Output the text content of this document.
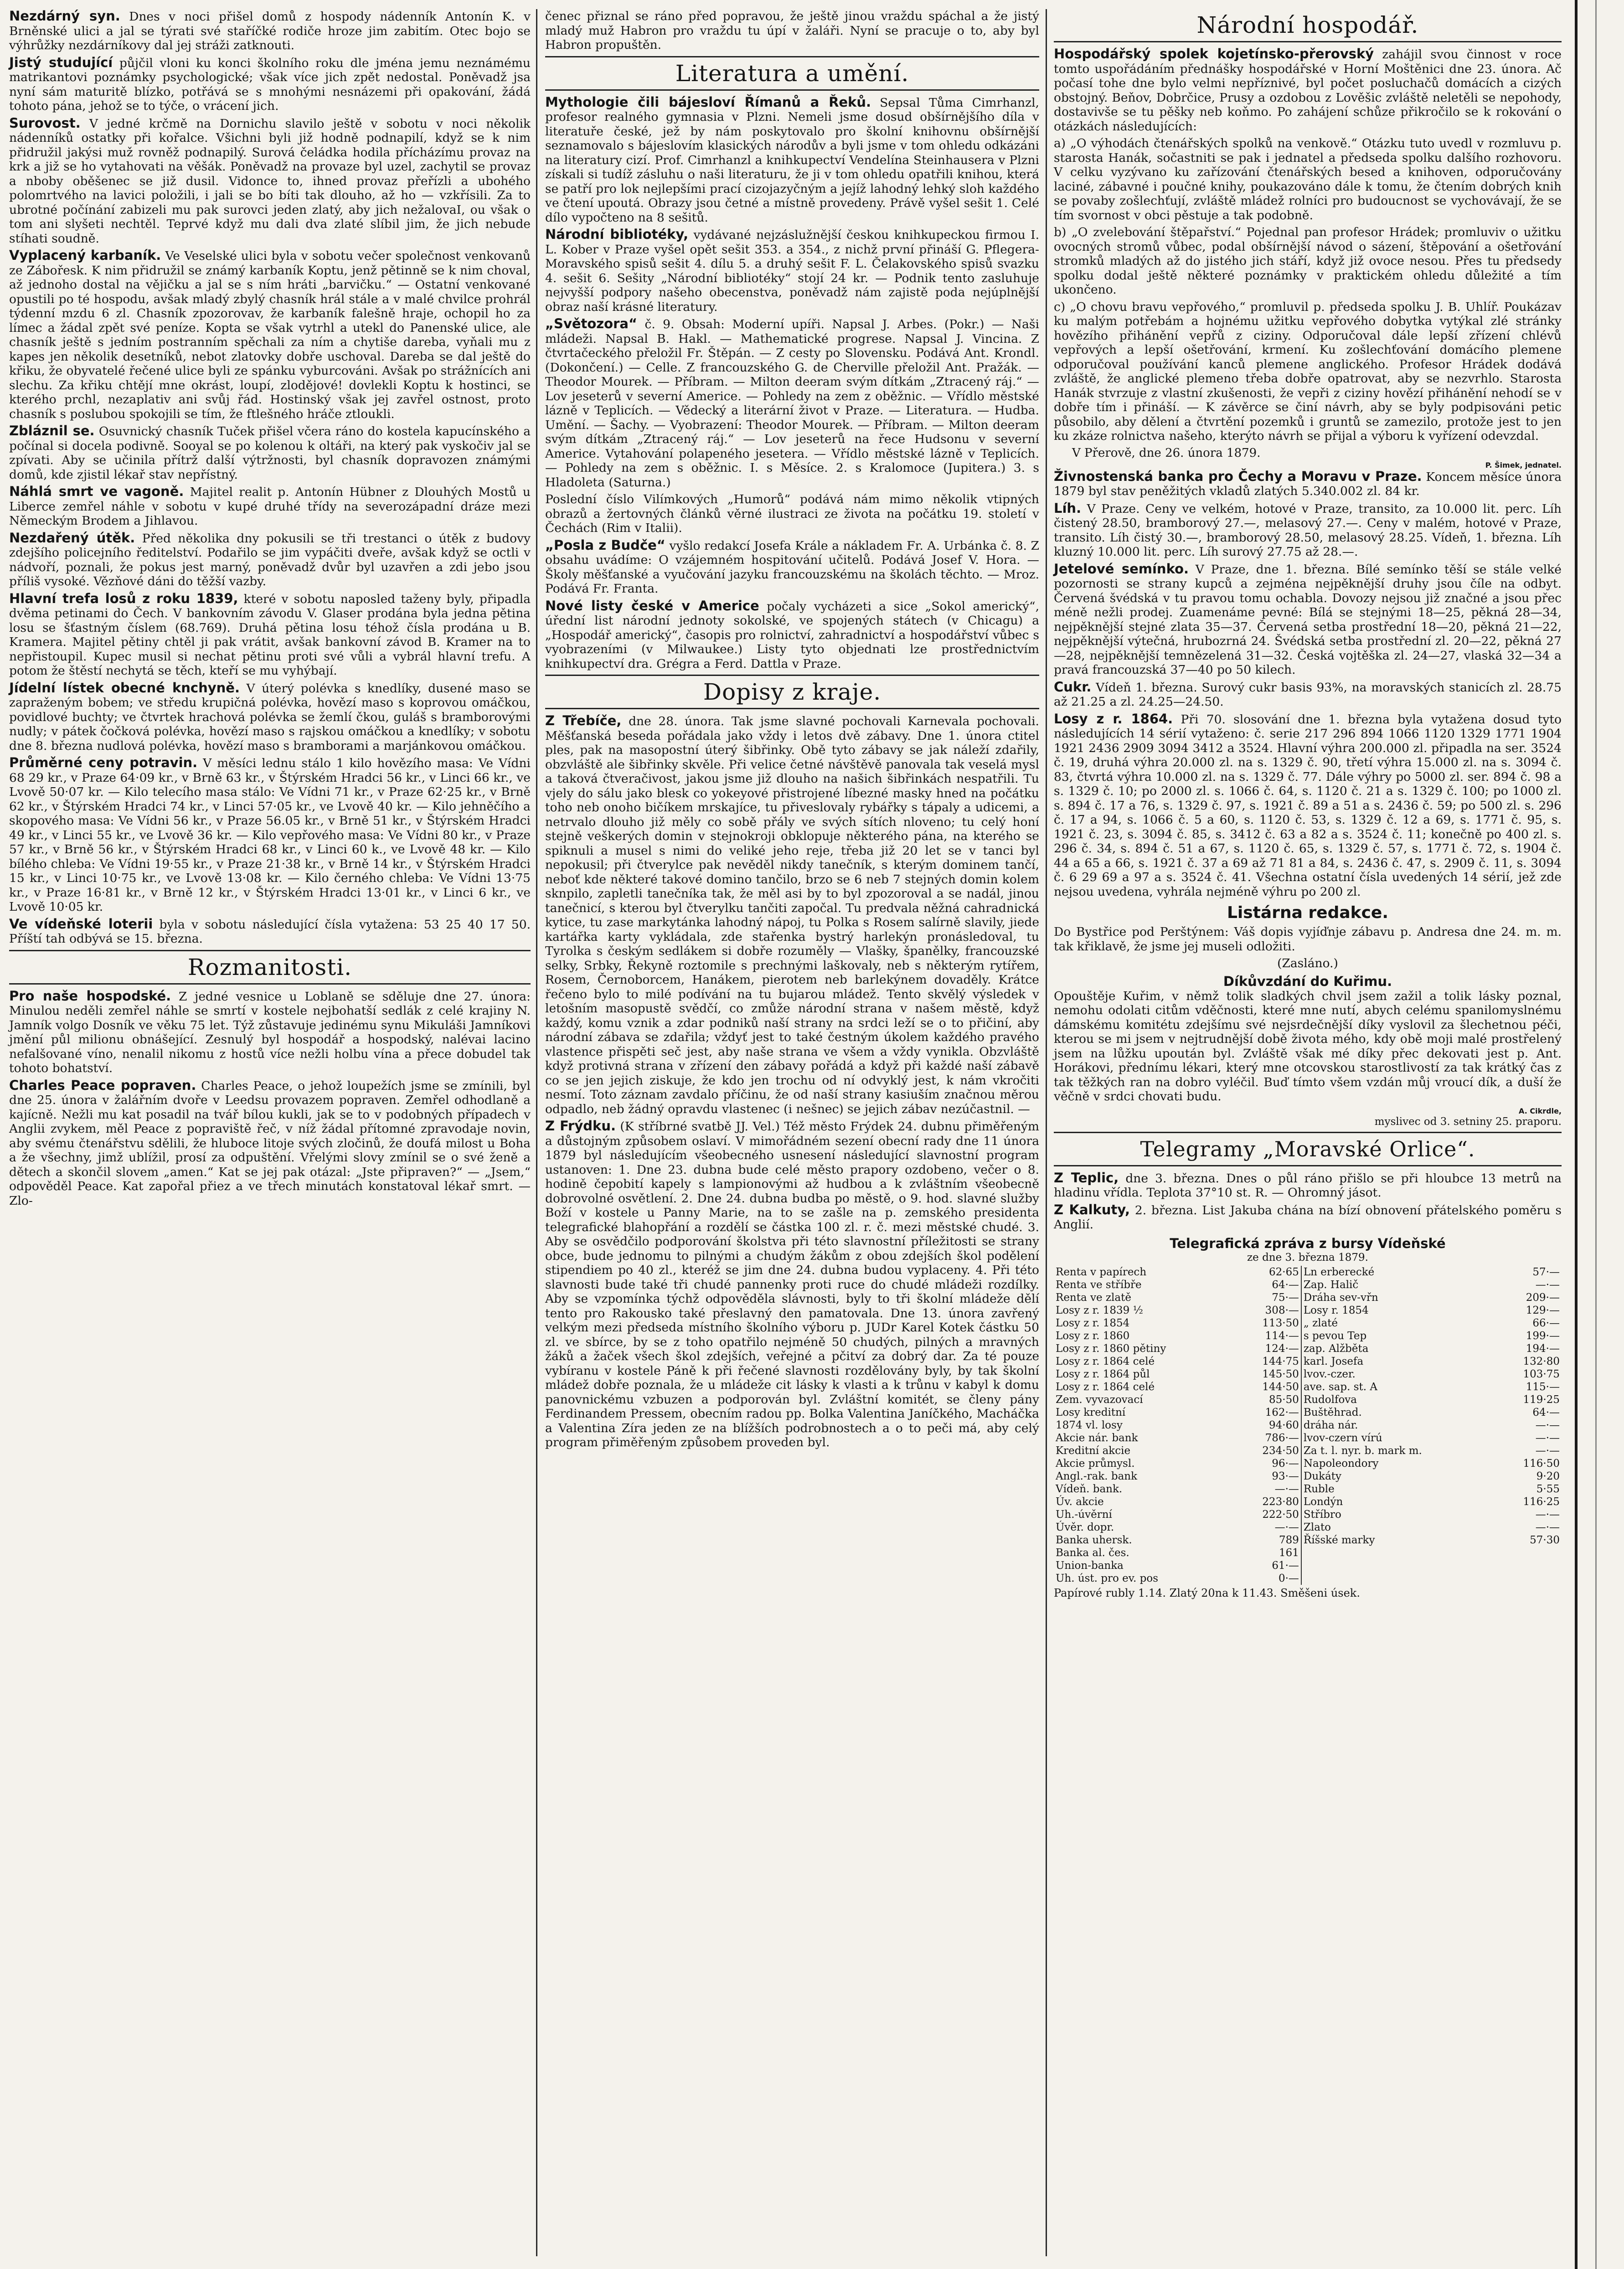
Nezdárný syn. Dnes v noci přišel domů z hospody nádenník Antonín K. v Brněnské ulici a jal se týrati své staříčké rodiče hroze jim zabitím. Otec bojo se výhrůžky nezdárníkovy dal jej stráži zatknouti.

Jistý studující půjčil vloni ku konci školního roku dle jména jemu neznámému matrikantovi poznámky psychologické; však více jich zpět nedostal. Poněvadž jsa nyní sám maturitě blízko, potřává se s mnohými nesnázemi při opakování, žádá tohoto pána, jehož se to týče, o vrácení jich.

Surovost. V jedné krčmě na Dornichu slavilo ještě v sobotu v noci několik nádenníků ostatky při kořalce. Všichni byli již hodně podnapilí, když se k nim přidružil jakýsi muž rovněž podnapilý. Surová čeládka hodila přícházímu provaz na krk a již se ho vytahovati na věšák. Poněvadž na provaze byl uzel, zachytil se provaz a nboby oběšenec se již dusil. Vidonce to, ihned provaz přeřízli a ubohého polomrtvého na lavici položili, i jali se bo bíti tak dlouho, až ho — vzkřísili. Za to ubrotné počínání zabizeli mu pak surovci jeden zlatý, aby jich nežalovaI, ou však o tom ani slyšeti nechtěl. Teprvé když mu dali dva zlaté slíbil jim, že jich nebude stíhati soudně.

Vyplacený karbaník. Ve Veselské ulici byla v sobotu večer společnost venkovanů ze Zábořesk. K nim přidružil se známý karbaník Koptu, jenž pětinně se k nim choval, až jednoho dostal na vějičku a jal se s ním hráti „barvičku.“ — Ostatní venkované opustili po té hospodu, avšak mladý zbylý chasník hrál stále a v malé chvilce prohrál týdenní mzdu 6 zl. Chasník zpozorovav, že karbaník falešně hraje, ochopil ho za límec a žádal zpět své peníze. Kopta se však vytrhl a utekl do Panenské ulice, ale chasník ještě s jedním postranním spěchali za ním a chytiše dareba, vyňali mu z kapes jen několik desetníků, nebot zlatovky dobře uschoval. Dareba se dal ještě do křiku, že obyvatelé řečené ulice byli ze spánku vyburcováni. Avšak po strážnících ani slechu. Za křiku chtějí mne okrást, loupí, zlodějové! dovlekli Koptu k hostinci, se kterého prchl, nezaplativ ani svůj řád. Hostinský však jej zavřel ostnost, proto chasník s poslubou spokojili se tím, že ftlešného hráče ztloukli.

Zbláznil se. Osuvnický chasník Tuček přišel včera ráno do kostela kapucínského a počínal si docela podivně. Sooyal se po kolenou k oltáři, na který pak vyskočiv jal se zpívati. Aby se učinila přítrž další výtržnosti, byl chasník dopravozen známými domů, kde zjistil lékař stav nepřístný.

Náhlá smrt ve vagoně. Majitel realit p. Antonín Hübner z Dlouhých Mostů u Liberce zemřel náhle v sobotu v kupé druhé třídy na severozápadní dráze mezi Německým Brodem a Jihlavou.

Nezdařený útěk. Před několika dny pokusili se tři trestanci o útěk z budovy zdejšího policejního ředitelství. Podařilo se jim vypáčiti dveře, avšak když se octli v nádvoří, poznali, že pokus jest marný, poněvadž dvůr byl uzavřen a zdi jebo jsou příliš vysoké. Vězňové dáni do těžší vazby.

Hlavní trefa losů z roku 1839, které v sobotu naposled taženy byly, připadla dvěma petinami do Čech. V bankovním závodu V. Glaser prodána byla jedna pětina losu se šťastným číslem (68.769). Druhá pětina losu téhož čísla prodána u B. Kramera. Majitel pětiny chtěl ji pak vrátit, avšak bankovní závod B. Kramer na to nepřistoupil. Kupec musil si nechat pětinu proti své vůli a vybrál hlavní trefu. A potom že štěstí nechytá se těch, kteří se mu vyhýbají.

Jídelní lístek obecné knchyně. V úterý polévka s knedlíky, dusené maso se zapraženým bobem; ve středu krupičná polévka, hovězí maso s koprovou omáčkou, povidlové buchty; ve čtvrtek hrachová polévka se žemlí čkou, guláš s bramborovými nudly; v pátek čočková polévka, hovězí maso s rajskou omáčkou a knedlíky; v sobotu dne 8. března nudlová polévka, hovězí maso s bramborami a marjánkovou omáčkou.

Průměrné ceny potravin. V měsíci lednu stálo 1 kilo hovězího masa: Ve Vídni 68 29 kr., v Praze 64·09 kr., v Brně 63 kr., v Štýrském Hradci 56 kr., v Linci 66 kr., ve Lvově 50·07 kr. — Kilo telecího masa stálo: Ve Vídni 71 kr., v Praze 62·25 kr., v Brně 62 kr., v Štýrském Hradci 74 kr., v Linci 57·05 kr., ve Lvově 40 kr. — Kilo jehněčího a skopového masa: Ve Vídni 56 kr., v Praze 56.05 kr., v Brně 51 kr., v Štýrském Hradci 49 kr., v Linci 55 kr., ve Lvově 36 kr. — Kilo vepřového masa: Ve Vídni 80 kr., v Praze 57 kr., v Brně 56 kr., v Štýrském Hradci 68 kr., v Linci 60 k., ve Lvově 48 kr. — Kilo bílého chleba: Ve Vídni 19·55 kr., v Praze 21·38 kr., v Brně 14 kr., v Štýrském Hradci 15 kr., v Linci 10·75 kr., ve Lvově 13·08 kr. — Kilo černého chleba: Ve Vídni 13·75 kr., v Praze 16·81 kr., v Brně 12 kr., v Štýrském Hradci 13·01 kr., v Linci 6 kr., ve Lvově 10·05 kr.

Ve vídeňské loterii byla v sobotu následující čísla vytažena: 53 25 40 17 50. Příští tah odbývá se 15. března.

Rozmanitosti.

Pro naše hospodské. Z jedné vesnice u Loblaně se sděluje dne 27. února: Minulou neděli zemřel náhle se smrtí v kostele nejbohatší sedlák z celé krajiny N. Jamník volgo Dosník ve věku 75 let. Týž zůstavuje jedinému synu Mikuláši Jamníkovi jmění půl milionu obnášející. Zesnulý byl hospodář a hospodský, nalévai lacino nefalšované víno, nenalil nikomu z hostů více nežli holbu vína a přece dobudel tak tohoto bohatství.

Charles Peace popraven. Charles Peace, o jehož loupežích jsme se zmínili, byl dne 25. února v žalářním dvoře v Leedsu provazem popraven. Zemřel odhodlaně a kajícně. Nežli mu kat posadil na tvář bílou kukli, jak se to v podobných případech v Anglii zvykem, měl Peace z popraviště řeč, v níž žádal přítomné zpravodaje novin, aby svému čtenářstvu sdělili, že hluboce litoje svých zločinů, že doufá milost u Boha a že všechny, jimž ublížil, prosí za odpuštění. Vřelými slovy zmínil se o své ženě a dětech a skončil slovem „amen.“ Kat se jej pak otázal: „Jste připraven?“ — „Jsem,“ odpověděl Peace. Kat zapořal přiez a ve třech minutách konstatoval lékař smrt. — Zlo-

čenec přiznal se ráno před popravou, že ještě jinou vraždu spáchal a že jistý mladý muž Habron pro vraždu tu úpí v žaláři. Nyní se pracuje o to, aby byl Habron propuštěn.

Literatura a umění.

Mythologie čili bájesloví Římanů a Řeků. Sepsal Tůma Cimrhanzl, profesor realného gymnasia v Plzni. Nemeli jsme dosud obšírnějšího díla v literatuře české, jež by nám poskytovalo pro školní knihovnu obšírnější seznamovalo s bájeslovím klasických národův a byli jsme v tom ohledu odkázáni na literatury cizí. Prof. Cimrhanzl a knihkupectví Vendelína Steinhausera v Plzni získali si tudíž zásluhu o naši literaturu, že ji v tom ohledu opatřili knihou, která se patří pro lok nejlepšími prací cizojazyčným a jejíž lahodný lehký sloh každého ve čtení upoutá. Obrazy jsou četné a místně provedeny. Právě vyšel sešit 1. Celé dílo vypočteno na 8 sešitů.

Národní bibliotéky, vydávané nejzáslužnější českou knihkupeckou firmou I. L. Kober v Praze vyšel opět sešit 353. a 354., z nichž první přináší G. Pflegera-Moravského spisů sešit 4. dílu 5. a druhý sešit F. L. Čelakovského spisů svazku 4. sešit 6. Sešity „Národní bibliotéky“ stojí 24 kr. — Podnik tento zasluhuje nejvyšší podpory našeho obecenstva, poněvadž nám zajistě poda nejúplnější obraz naší krásné literatury.

„Světozora“ č. 9. Obsah: Moderní upíři. Napsal J. Arbes. (Pokr.) — Naši mládeži. Napsal B. Hakl. — Mathematické progrese. Napsal J. Vincina. Z čtvrtačeckého přeložil Fr. Štěpán. — Z cesty po Slovensku. Podává Ant. Krondl. (Dokončení.) — Celle. Z francouzského G. de Cherville přeložil Ant. Pražák. — Theodor Mourek. — Příbram. — Milton deeram svým dítkám „Ztracený ráj.“ — Lov jeseterů v severní Americe. — Pohledy na zem z oběžnic. — Vřídlo městské lázně v Teplicích. — Vědecký a literární život v Praze. — Literatura. — Hudba. Umění. — Šachy. — Vyobrazení: Theodor Mourek. — Příbram. — Milton deeram svým dítkám „Ztracený ráj.“ — Lov jeseterů na řece Hudsonu v severní Americe. Vytahování polapeného jesetera. — Vřídlo městské lázně v Teplicích. — Pohledy na zem s oběžnic. I. s Měsíce. 2. s Kralomoce (Jupitera.) 3. s Hladoleta (Saturna.)

Poslední číslo Vilímkových „Humorů“ podává nám mimo několik vtipných obrazů a žertovných článků věrné ilustraci ze života na počátku 19. století v Čechách (Rim v Italii).

„Posla z Budče“ vyšlo redakcí Josefa Krále a nákladem Fr. A. Urbánka č. 8. Z obsahu uvádíme: O vzájemném hospitování učitelů. Podává Josef V. Hora. — Školy měšťanské a vyučování jazyku francouzskému na školách těchto. — Mroz. Podává Fr. Franta.

Nové listy české v Americe počaly vycházeti a sice „Sokol americký“, úřední list národní jednoty sokolské, ve spojených státech (v Chicagu) a „Hospodář americký“, časopis pro rolnictví, zahradnictví a hospodářství vůbec s vyobrazeními (v Milwaukee.) Listy tyto objednati lze prostřednictvím knihkupectví dra. Grégra a Ferd. Dattla v Praze.

Dopisy z kraje.

Z Třebíče, dne 28. února. Tak jsme slavné pochovali Karnevala pochovali. Měšťanská beseda pořádala jako vždy i letos dvě zábavy. Dne 1. února ctitel ples, pak na masopostní úterý šibřinky. Obě tyto zábavy se jak náleží zdařily, obzvláště ale šibřinky skvěle. Při velice četné návštěvě panovala tak veselá mysl a taková čtveračivost, jakou jsme již dlouho na našich šibřinkách nespatřili. Tu vjely do sálu jako blesk co yokeyové přistrojené líbezné masky hned na počátku toho neb onoho bičíkem mrskajíce, tu přiveslovaly rybářky s tápaly a udicemi, a netrvalo dlouho již měly co sobě přály ve svých sítích nloveno; tu celý honí stejně veškerých domin v stejnokroji obklopuje některého pána, na kterého se spiknuli a musel s nimi do veliké jeho reje, třeba již 20 let se v tanci byl nepokusil; při čtverylce pak nevěděl nikdy tanečník, s kterým dominem tančí, neboť kde některé takové domino tančilo, brzo se 6 neb 7 stejných domin kolem sknpilo, zapletli tanečníka tak, že měl asi by to byl zpozoroval a se nadál, jinou tanečnicí, s kterou byl čtverylku tančiti započal. Tu predvala něžná cahradnická kytice, tu zase markytánka lahodný nápoj, tu Polka s Rosem salírně slavily, jiede kartářka karty vykládala, zde stařenka bystrý harlekýn pronásledoval, tu Tyrolka s českým sedlákem si dobře rozuměly — Vlašky, španělky, francouzské selky, Srbky, Řekyně roztomile s prechnými laškovaly, neb s některým rytířem, Rosem, Černoborcem, Hanákem, pierotem neb barlekýnem dovaděly. Krátce řečeno bylo to milé podívání na tu bujarou mládež. Tento skvělý výsledek v letošním masopustě svědčí, co zmůže národní strana v našem městě, když každý, komu vznik a zdar podniků naší strany na srdci leží se o to přičiní, aby národní zábava se zdařila; vždyť jest to také čestným úkolem každého pravého vlastence přispěti seč jest, aby naše strana ve všem a vždy vynikla. Obzvláště když protivná strana v zřízení den zábavy pořádá a když při každé naší zábavě co se jen jejich ziskuje, že kdo jen trochu od ní odvyklý jest, k nám vkročiti nesmí. Toto záznam zavdalo příčinu, že od naší strany kasiuším značnou měrou odpadlo, neb žádný opravdu vlastenec (i nešnec) se jejich zábav nezúčastnil. —

Z Frýdku. (K stříbrné svatbě JJ. Vel.) Též město Frýdek 24. dubnu přiměřeným a důstojným způsobem oslaví. V mimořádném sezení obecní rady dne 11 února 1879 byl následujícím všeobecného usnesení následující slavnostní program ustanoven: 1. Dne 23. dubna bude celé město prapory ozdobeno, večer o 8. hodině čepobití kapely s lampionovými až hudbou a k zvláštním všeobecně dobrovolné osvětlení. 2. Dne 24. dubna budba po městě, o 9. hod. slavné služby Boží v kostele u Panny Marie, na to se zašle na p. zemského presidenta telegrafické blahopřání a rozdělí se částka 100 zl. r. č. mezi městské chudé. 3. Aby se osvědčilo podporování školstva při této slavnostní příležitosti se strany obce, bude jednomu to pilnými a chudým žákům z obou zdejších škol podělení stipendiem po 40 zl., kteréž se jim dne 24. dubna budou vyplaceny. 4. Při této slavnosti bude také tři chudé pannenky proti ruce do chudé mládeži rozdílky. Aby se vzpomínka týchž odpověděla slávnosti, byly to tři školní mládeže dělí tento pro Rakousko také přeslavný den pamatovala. Dne 13. února zavřený velkým mezi předseda místního školního výboru p. JUDr Karel Kotek částku 50 zl. ve sbírce, by se z toho opatřilo nejméně 50 chudých, pilných a mravných žáků a žaček všech škol zdejších, veřejné a pčitví za dobrý dar. Za té pouze vybíranu v kostele Páně k při řečené slavnosti rozdělovány byly, by tak školní mládež dobře poznala, že u mládeže cit lásky k vlasti a k trůnu v kabyl k domu panovnickému vzbuzen a podporován byl. Zvláštní komitét, se členy pány Ferdinandem Pressem, obecním radou pp. Bolka Valentina Janíčkého, Macháčka a Valentina Zíra jeden ze na blížších podrobnostech a o to peči má, aby celý program přiměřeným způsobem proveden byl.

Národní hospodář.

Hospodářský spolek kojetínsko-přerovský zahájil svou činnost v roce tomto uspořádáním přednášky hospodářské v Horní Moštěnici dne 23. února. Ač počasí tohe dne bylo velmi nepříznivé, byl počet posluchačů domácích a cizých obstojný. Beňov, Dobrčice, Prusy a ozdobou z Lověšic zvláště neletěli se nepohody, dostavivše se tu pěšky neb koňmo. Po zahájení schůze přikročilo se k rokování o otázkách následujících:

a) „O výhodách čtenářských spolků na venkově.“ Otázku tuto uvedl v rozmluvu p. starosta Hanák, sočastniti se pak i jednatel a předseda spolku dalšího rozhovoru. V celku vyzývano ku zařízování čtenářských besed a knihoven, odporučovány laciné, zábavné i poučné knihy, poukazováno dále k tomu, že čtením dobrých knih se povaby zošlechťují, zvláště mládež rolníci pro budoucnost se vychovávají, že se tím svornost v obci pěstuje a tak podobně.

b) „O zvelebování štěpařství.“ Pojednal pan profesor Hrádek; promluviv o užitku ovocných stromů vůbec, podal obšírnější návod o sázení, štěpování a ošetřování stromků mladých až do jistého jich stáří, když již ovoce nesou. Přes tu předsedy spolku dodal ještě některé poznámky v praktickém ohledu důležité a tím ukončeno.

c) „O chovu bravu vepřového,“ promluvil p. předseda spolku J. B. Uhlíř. Poukázav ku malým potřebám a hojnému užitku vepřového dobytka vytýkal zlé stránky hovězího přihánění vepřů z ciziny. Odporučoval dále lepší zřízení chlévů vepřových a lepší ošetřování, krmení. Ku zošlechťování domácího plemene odporučoval používání kanců plemene anglického. Profesor Hrádek dodává zvláště, že anglické plemeno třeba dobře opatrovat, aby se nezvrhlo. Starosta Hanák stvrzuje z vlastní zkušenosti, že vepři z ciziny hovězí přihánění nehodí se v dobře tím i přináší. — K závěrce se činí návrh, aby se byly podpisováni petic působilo, aby dělení a čtvrtění pozemků i gruntů se zamezilo, protože jest to jen ku zkáze rolnictva našeho, kterýto návrh se přijal a výboru k vyřízení odevzdal.

V Přerově, dne 26. února 1879.
P. Šimek, jednatel.

Živnostenská banka pro Čechy a Moravu v Praze. Koncem měsíce února 1879 byl stav peněžitých vkladů zlatých 5.340.002 zl. 84 kr.

Líh. V Praze. Ceny ve velkém, hotové v Praze, transito, za 10.000 lit. perc. Líh čistený 28.50, bramborový 27.—, melasový 27.—. Ceny v malém, hotové v Praze, transito. Líh čistý 30.—, bramborový 28.50, melasový 28.25. Vídeň, 1. března. Líh kluzný 10.000 lit. perc. Líh surový 27.75 až 28.—.

Jetelové semínko. V Praze, dne 1. března. Bílé semínko těší se stále velké pozornosti se strany kupců a zejména nejpěknější druhy jsou číle na odbyt. Červená švédská v tu pravou tomu ochabla. Dovozy nejsou již značné a jsou přec méně nežli prodej. Zuamenáme pevné: Bílá se stejnými 18—25, pěkná 28—34, nejpěknější stejné zlata 35—37. Červená setba prostřední 18—20, pěkná 21—22, nejpěknější výtečná, hrubozrná 24. Švédská setba prostřední zl. 20—22, pěkná 27—28, nejpěknější temnězelená 31—32. Česká vojtěška zl. 24—27, vlaská 32—34 a pravá francouzská 37—40 po 50 kilech.

Cukr. Vídeň 1. března. Surový cukr basis 93%, na moravských stanicích zl. 28.75 až 21.25 a zl. 24.25—24.50.

Losy z r. 1864. Při 70. slosování dne 1. března byla vytažena dosud tyto následujících 14 sérií vytaženo: č. serie 217 296 894 1066 1120 1329 1771 1904 1921 2436 2909 3094 3412 a 3524. Hlavní výhra 200.000 zl. připadla na ser. 3524 č. 19, druhá výhra 20.000 zl. na s. 1329 č. 90, třetí výhra 15.000 zl. na s. 3094 č. 83, čtvrtá výhra 10.000 zl. na s. 1329 č. 77. Dále výhry po 5000 zl. ser. 894 č. 98 a s. 1329 č. 10; po 2000 zl. s. 1066 č. 64, s. 1120 č. 21 a s. 1329 č. 100; po 1000 zl. s. 894 č. 17 a 76, s. 1329 č. 97, s. 1921 č. 89 a 51 a s. 2436 č. 59; po 500 zl. s. 296 č. 17 a 94, s. 1066 č. 5 a 60, s. 1120 č. 53, s. 1329 č. 12 a 69, s. 1771 č. 95, s. 1921 č. 23, s. 3094 č. 85, s. 3412 č. 63 a 82 a s. 3524 č. 11; konečně po 400 zl. s. 296 č. 34, s. 894 č. 51 a 67, s. 1120 č. 65, s. 1329 č. 57, s. 1771 č. 72, s. 1904 č. 44 a 65 a 66, s. 1921 č. 37 a 69 až 71 81 a 84, s. 2436 č. 47, s. 2909 č. 11, s. 3094 č. 6 29 69 a 97 a s. 3524 č. 41. Všechna ostatní čísla uvedených 14 sérií, jež zde nejsou uvedena, vyhrála nejméně výhru po 200 zl.

Listárna redakce.

Do Bystřice pod Perštýnem: Váš dopis vyjíďnje zábavu p. Andresa dne 24. m. m. tak křiklavě, že jsme jej museli odložiti.

(Zasláno.)
Díkůvzdání do Kuřimu.

Opouštěje Kuřim, v němž tolik sladkých chvil jsem zažil a tolik lásky poznal, nemohu odolati citům vděčnosti, které mne nutí, abych celému spanilomyslnému dámskému komitétu zdejšímu své nejsrdečnější díky vyslovil za šlechetnou péči, kterou se mi jsem v nejtrudnější době života mého, kdy obě moji malé prostřelený jsem na lůžku upoután byl. Zvláště však mé díky přec dekovati jest p. Ant. Horákovi, přednímu lékari, který mne otcovskou starostlivostí za tak krátký čas z tak těžkých ran na dobro vyléčil. Buď tímto všem vzdán můj vroucí dík, a duší že věčně v srdci chovati budu.

A. Cikrdle,
myslivec od 3. setniny 25. praporu.
Telegramy „Moravské Orlice“.

Z Teplic, dne 3. března. Dnes o půl ráno přišlo se při hloubce 13 metrů na hladinu vřídla. Teplota 37°10 st. R. — Ohromný jásot.

Z Kalkuty, 2. března. List Jakuba chána na bízí obnovení přátelského poměru s Anglií.

Telegrafická zpráva z bursy Vídeňské
ze dne 3. března 1879.
Renta v papírech	62·65	Ln erberecké	57·—
Renta ve stříbře	64·—	Zap. Halič	—·—
Renta ve zlatě	75·—	Dráha sev-vřn	209·—
Losy z r. 1839 ½	308·—	Losy r. 1854	129·—
Losy z r. 1854	113·50	„ zlaté	66·—
Losy z r. 1860	114·—	s pevou Tep	199·—
Losy z r. 1860 pětiny	124·—	zap. Alžběta	194·—
Losy z r. 1864 celé	144·75	karl. Josefa	132·80
Losy z r. 1864 půl	145·50	lvov.-czer.	103·75
Losy z r. 1864 celé	144·50	ave. sap. st. A	115·—
Zem. vyvazovací	85·50	Rudolfova	119·25
Losy kreditní	162·—	Buštěhrad.	64·—
1874 vl. losy	94·60	dráha nár.	—·—
Akcie nár. bank	786·—	lvov-czern vírú	—·—
Kreditní akcie	234·50	Za t. l. nyr. b. mark m.	—·—
Akcie průmysl.	96·—	Napoleondory	116·50
Angl.-rak. bank	93·—	Dukáty	9·20
Vídeň. bank.	—·—	Ruble	5·55
Úv. akcie	223·80	Londýn	116·25
Uh.-úvěrní	222·50	Stříbro	—·—
Úvěr. dopr.	—·—	Zlato	—·—
Banka uhersk.	789	Říšské marky	57·30
Banka al. čes.	161		
Union-banka	61·—		
Uh. úst. pro ev. pos	0·—		
Papírové rubly 1.14. Zlatý 20na k 11.43. Směšeni úsek.
